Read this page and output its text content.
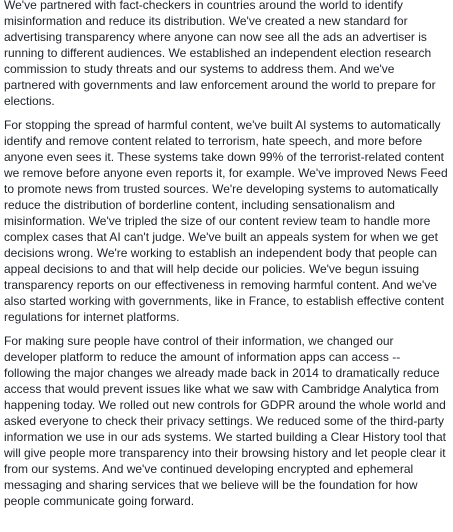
We've partnered with fact-checkers in countries around the world to identify misinformation and reduce its distribution. We've created a new standard for advertising transparency where anyone can now see all the ads an advertiser is running to different audiences. We established an independent election research commission to study threats and our systems to address them. And we've partnered with governments and law enforcement around the world to prepare for elections.

For stopping the spread of harmful content, we've built AI systems to automatically identify and remove content related to terrorism, hate speech, and more before anyone even sees it. These systems take down 99% of the terrorist-related content we remove before anyone even reports it, for example. We've improved News Feed to promote news from trusted sources. We're developing systems to automatically reduce the distribution of borderline content, including sensationalism and misinformation. We've tripled the size of our content review team to handle more complex cases that AI can't judge. We've built an appeals system for when we get decisions wrong. We're working to establish an independent body that people can appeal decisions to and that will help decide our policies. We've begun issuing transparency reports on our effectiveness in removing harmful content. And we've also started working with governments, like in France, to establish effective content regulations for internet platforms.

For making sure people have control of their information, we changed our developer platform to reduce the amount of information apps can access -- following the major changes we already made back in 2014 to dramatically reduce access that would prevent issues like what we saw with Cambridge Analytica from happening today. We rolled out new controls for GDPR around the whole world and asked everyone to check their privacy settings. We reduced some of the third-party information we use in our ads systems. We started building a Clear History tool that will give people more transparency into their browsing history and let people clear it from our systems. And we've continued developing encrypted and ephemeral messaging and sharing services that we believe will be the foundation for how people communicate going forward.
